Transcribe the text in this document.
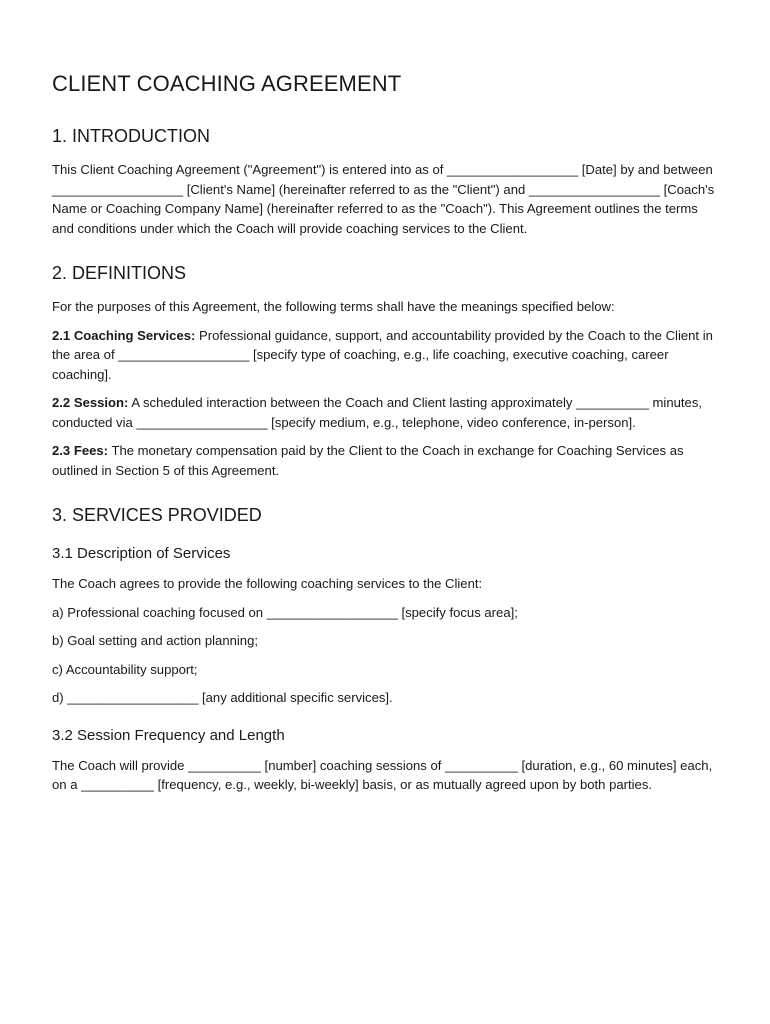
CLIENT COACHING AGREEMENT
1. INTRODUCTION

This Client Coaching Agreement ("Agreement") is entered into as of __________________ [Date] by and between __________________ [Client's Name] (hereinafter referred to as the "Client") and __________________ [Coach's Name or Coaching Company Name] (hereinafter referred to as the "Coach"). This Agreement outlines the terms and conditions under which the Coach will provide coaching services to the Client.

2. DEFINITIONS

For the purposes of this Agreement, the following terms shall have the meanings specified below:

2.1 Coaching Services: Professional guidance, support, and accountability provided by the Coach to the Client in the area of __________________ [specify type of coaching, e.g., life coaching, executive coaching, career coaching].

2.2 Session: A scheduled interaction between the Coach and Client lasting approximately __________ minutes, conducted via __________________ [specify medium, e.g., telephone, video conference, in-person].

2.3 Fees: The monetary compensation paid by the Client to the Coach in exchange for Coaching Services as outlined in Section 5 of this Agreement.

3. SERVICES PROVIDED
3.1 Description of Services

The Coach agrees to provide the following coaching services to the Client:

a) Professional coaching focused on __________________ [specify focus area];

b) Goal setting and action planning;

c) Accountability support;

d) __________________ [any additional specific services].

3.2 Session Frequency and Length

The Coach will provide __________ [number] coaching sessions of __________ [duration, e.g., 60 minutes] each, on a __________ [frequency, e.g., weekly, bi-weekly] basis, or as mutually agreed upon by both parties.
